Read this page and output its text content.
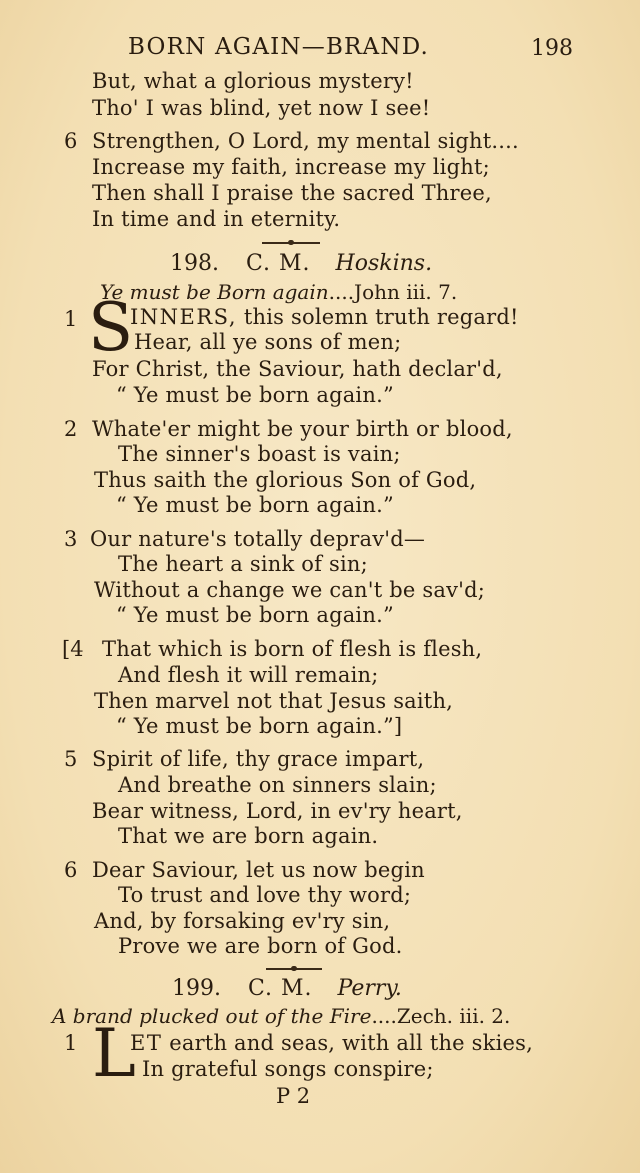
BORN AGAIN—BRAND.	198
But, what a glorious mystery!
Tho' I was blind, yet now I see!
6 Strengthen, O Lord, my mental sight....
Increase my faith, increase my light;
Then shall I praise the sacred Three,
In time and in eternity.
198. C. M. Hoskins.
Ye must be Born again....John iii. 7.
1 S
INNERS, this solemn truth regard!
Hear, all ye sons of men;
For Christ, the Saviour, hath declar'd,
“ Ye must be born again.”
2 Whate'er might be your birth or blood,
The sinner's boast is vain;
Thus saith the glorious Son of God,
“ Ye must be born again.”
3 Our nature's totally deprav'd—
The heart a sink of sin;
Without a change we can't be sav'd;
“ Ye must be born again.”
[4 That which is born of flesh is flesh,
And flesh it will remain;
Then marvel not that Jesus saith,
“ Ye must be born again.”]
5 Spirit of life, thy grace impart,
And breathe on sinners slain;
Bear witness, Lord, in ev'ry heart,
That we are born again.
6 Dear Saviour, let us now begin
To trust and love thy word;
And, by forsaking ev'ry sin,
Prove we are born of God.
199. C. M. Perry.
A brand plucked out of the Fire....Zech. iii. 2.
1 L
ET earth and seas, with all the skies,
In grateful songs conspire;
P 2
